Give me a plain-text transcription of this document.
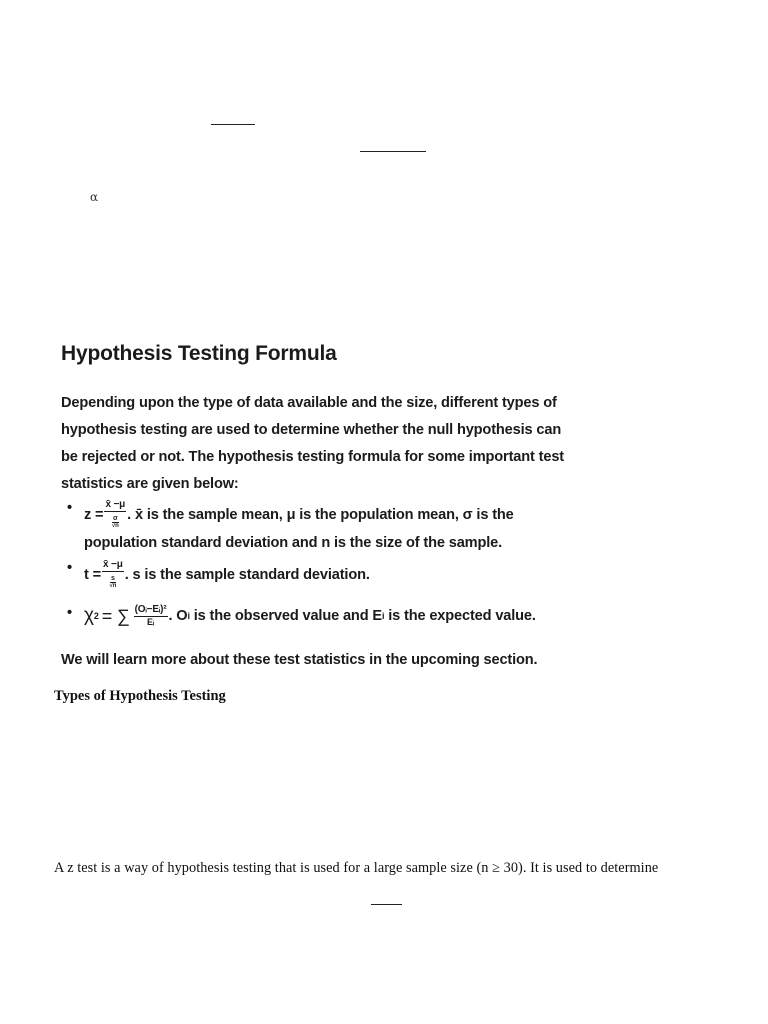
α
Hypothesis Testing Formula

Depending upon the type of data available and the size, different types of hypothesis testing are used to determine whether the null hypothesis can be rejected or not. The hypothesis testing formula for some important test statistics are given below:

• $z = \frac{x̄ -\mu}{\frac{\sigma}{√n}}$ . x̄ is the sample mean, μ is the population mean, σ is the
population standard deviation and n is the size of the sample.
• $t = \frac{x̄ -\mu}{\frac{s}{√n}}$ . s is the sample standard deviation.
• χ 2 = ∑ $\frac{\text{(Oᵢ−Eᵢ)²}}{\text{Eᵢ}}$ . O i is the observed value and E i is the expected value.

We will learn more about these test statistics in the upcoming section.

Types of Hypothesis Testing

A z test is a way of hypothesis testing that is used for a large sample size (n ≥ 30). It is used to determine
